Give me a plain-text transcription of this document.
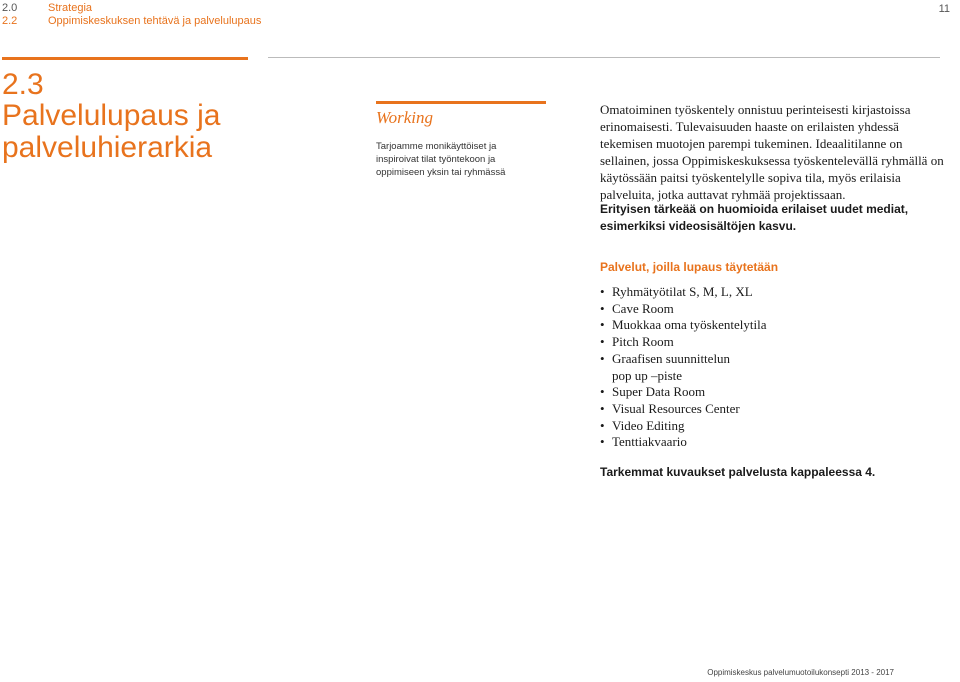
2.0	Strategia
2.2	Oppimiskeskuksen tehtävä ja palvelulupaus
11
2.3
Palvelulupaus ja palveluhierarkia
Working
Tarjoamme monikäyttöiset ja inspiroivat tilat työntekoon ja oppimiseen yksin tai ryhmässä

Omatoiminen työskentely onnistuu perinteisesti kirjastoissa erinomaisesti. Tulevaisuuden haaste on erilaisten yhdessä tekemisen muotojen parempi tukeminen. Ideaalitilanne on sellainen, jossa Oppimiskeskuksessa työskentelevällä ryhmällä on käytössään paitsi työskentelylle sopiva tila, myös erilaisia palveluita, jotka auttavat ryhmää projektissaan.

Erityisen tärkeää on huomioida erilaiset uudet mediat, esimerkiksi videosisältöjen kasvu.
Palvelut, joilla lupaus täytetään
• Ryhmätyötilat S, M, L, XL
• Cave Room
• Muokkaa oma työskentelytila
• Pitch Room
• Graafisen suunnittelun
pop up –piste
• Super Data Room
• Visual Resources Center
• Video Editing
• Tenttiakvaario
Tarkemmat kuvaukset palvelusta kappaleessa 4.
Oppimiskeskus palvelumuotoilukonsepti 2013 - 2017
